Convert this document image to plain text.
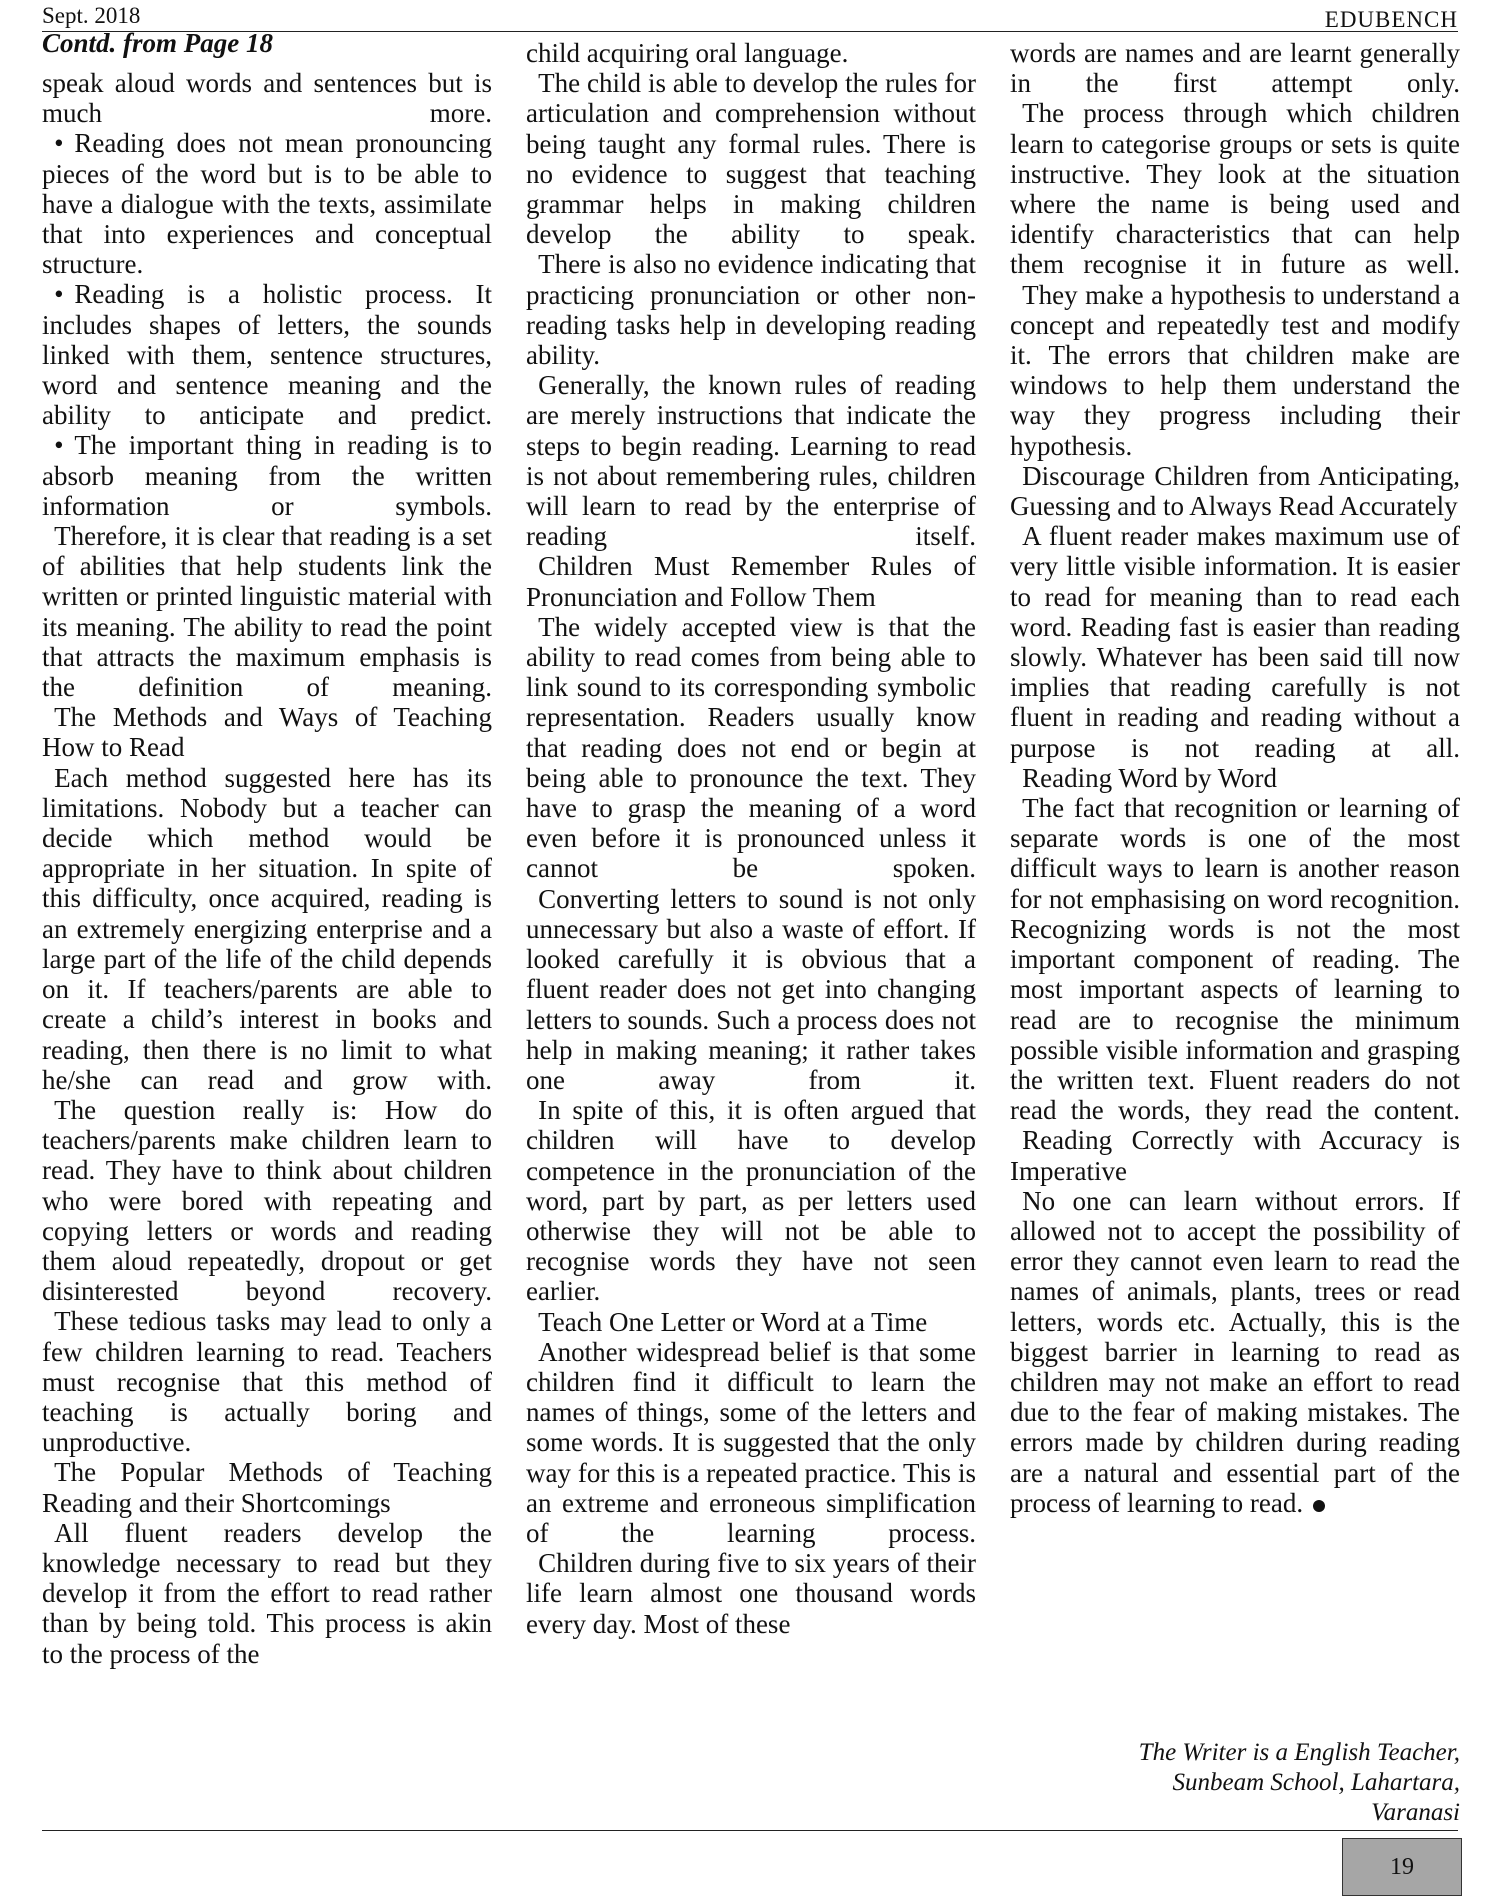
Sept. 2018	EDUBENCH
Contd. from Page 18

speak aloud words and sentences but is much more.

• Reading does not mean pronouncing pieces of the word but is to be able to have a dialogue with the texts, assimilate that into experiences and conceptual structure.

• Reading is a holistic process. It includes shapes of letters, the sounds linked with them, sentence structures, word and sentence meaning and the ability to anticipate and predict.

• The important thing in reading is to absorb meaning from the written information or symbols.

Therefore, it is clear that reading is a set of abilities that help students link the written or printed linguistic material with its meaning. The ability to read the point that attracts the maximum emphasis is the definition of meaning.

The Methods and Ways of Teaching How to Read

Each method suggested here has its limitations. Nobody but a teacher can decide which method would be appropriate in her situation. In spite of this difficulty, once acquired, reading is an extremely energizing enterprise and a large part of the life of the child depends on it. If teachers/parents are able to create a child’s interest in books and reading, then there is no limit to what he/she can read and grow with.

The question really is: How do teachers/parents make children learn to read. They have to think about children who were bored with repeating and copying letters or words and reading them aloud repeatedly, dropout or get disinterested beyond recovery.

These tedious tasks may lead to only a few children learning to read. Teachers must recognise that this method of teaching is actually boring and unproductive.

The Popular Methods of Teaching Reading and their Shortcomings

All fluent readers develop the knowledge necessary to read but they develop it from the effort to read rather than by being told. This process is akin to the process of the

child acquiring oral language.

The child is able to develop the rules for articulation and comprehension without being taught any formal rules. There is no evidence to suggest that teaching grammar helps in making children develop the ability to speak.

There is also no evidence indicating that practicing pronunciation or other non-reading tasks help in developing reading ability.

Generally, the known rules of reading are merely instructions that indicate the steps to begin reading. Learning to read is not about remembering rules, children will learn to read by the enterprise of reading itself.

Children Must Remember Rules of Pronunciation and Follow Them

The widely accepted view is that the ability to read comes from being able to link sound to its corresponding symbolic representation. Readers usually know that reading does not end or begin at being able to pronounce the text. They have to grasp the meaning of a word even before it is pronounced unless it cannot be spoken.

Converting letters to sound is not only unnecessary but also a waste of effort. If looked carefully it is obvious that a fluent reader does not get into changing letters to sounds. Such a process does not help in making meaning; it rather takes one away from it.

In spite of this, it is often argued that children will have to develop competence in the pronunciation of the word, part by part, as per letters used otherwise they will not be able to recognise words they have not seen earlier.

Teach One Letter or Word at a Time

Another widespread belief is that some children find it difficult to learn the names of things, some of the letters and some words. It is suggested that the only way for this is a repeated practice. This is an extreme and erroneous simplification of the learning process.

Children during five to six years of their life learn almost one thousand words every day. Most of these

words are names and are learnt generally in the first attempt only.

The process through which children learn to categorise groups or sets is quite instructive. They look at the situation where the name is being used and identify characteristics that can help them recognise it in future as well.

They make a hypothesis to understand a concept and repeatedly test and modify it. The errors that children make are windows to help them understand the way they progress including their hypothesis.

Discourage Children from Anticipating, Guessing and to Always Read Accurately

A fluent reader makes maximum use of very little visible information. It is easier to read for meaning than to read each word. Reading fast is easier than reading slowly. Whatever has been said till now implies that reading carefully is not fluent in reading and reading without a purpose is not reading at all.

Reading Word by Word

The fact that recognition or learning of separate words is one of the most difficult ways to learn is another reason for not emphasising on word recognition. Recognizing words is not the most important component of reading. The most important aspects of learning to read are to recognise the minimum possible visible information and grasping the written text. Fluent readers do not read the words, they read the content.

Reading Correctly with Accuracy is Imperative

No one can learn without errors. If allowed not to accept the possibility of error they cannot even learn to read the names of animals, plants, trees or read letters, words etc. Actually, this is the biggest barrier in learning to read as children may not make an effort to read due to the fear of making mistakes. The errors made by children during reading are a natural and essential part of the process of learning to read.

The Writer is a English Teacher,
Sunbeam School, Lahartara,
Varanasi
19
